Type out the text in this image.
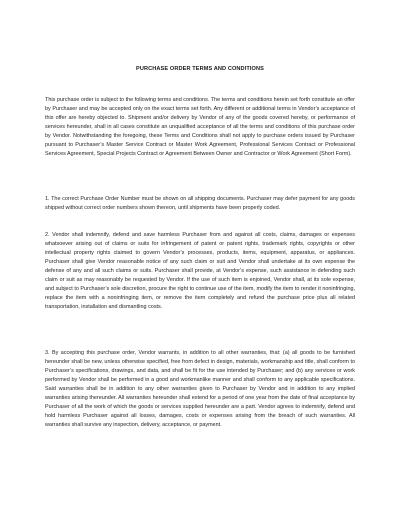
PURCHASE ORDER TERMS AND CONDITIONS

This purchase order is subject to the following terms and conditions. The terms and conditions herein set forth constitute an offer by Purchaser and may be accepted only on the exact terms set forth. Any different or additional terms in Vendor’s acceptance of this offer are hereby objected to. Shipment and/or delivery by Vendor of any of the goods covered hereby, or performance of services hereunder, shall in all cases constitute an unqualified acceptance of all the terms and conditions of this purchase order by Vendor. Notwithstanding the foregoing, these Terms and Conditions shall not apply to purchase orders issued by Purchaser pursuant to Purchaser’s Master Service Contract or Master Work Agreement, Professional Services Contract or Professional Services Agreement, Special Projects Contract or Agreement Between Owner and Contractor or Work Agreement (Short Form).

1. The correct Purchase Order Number must be shown on all shipping documents. Purchaser may defer payment for any goods shipped without correct order numbers shown thereon, until shipments have been properly coded.

2. Vendor shall indemnify, defend and save harmless Purchaser from and against all costs, claims, damages or expenses whatsoever arising out of claims or suits for infringement of patent or patent rights, trademark rights, copyrights or other intellectual property rights claimed to govern Vendor’s processes, products, items, equipment, apparatus, or appliances. Purchaser shall give Vendor reasonable notice of any such claim or suit and Vendor shall undertake at its own expense the defense of any and all such claims or suits. Purchaser shall provide, at Vendor’s expense, such assistance in defending such claim or suit as may reasonably be requested by Vendor. If the use of such item is enjoined, Vendor shall, at its sole expense, and subject to Purchaser’s sole discretion, procure the right to continue use of the item, modify the item to render it noninfringing, replace the item with a noninfringing item, or remove the item completely and refund the purchase price plus all related transportation, installation and dismantling costs.

3. By accepting this purchase order, Vendor warrants, in addition to all other warranties, that: (a) all goods to be furnished hereunder shall be new, unless otherwise specified, free from defect in design, materials, workmanship and title, shall conform to Purchaser’s specifications, drawings, and data, and shall be fit for the use intended by Purchaser; and (b) any services or work performed by Vendor shall be performed in a good and workmanlike manner and shall conform to any applicable specifications. Said warranties shall be in addition to any other warranties given to Purchaser by Vendor and in addition to any implied warranties arising thereunder. All warranties hereunder shall extend for a period of one year from the date of final acceptance by Purchaser of all the work of which the goods or services supplied hereunder are a part. Vendor agrees to indemnify, defend and hold harmless Purchaser against all losses, damages, costs or expenses arising from the breach of such warranties. All warranties shall survive any inspection, delivery, acceptance, or payment.
